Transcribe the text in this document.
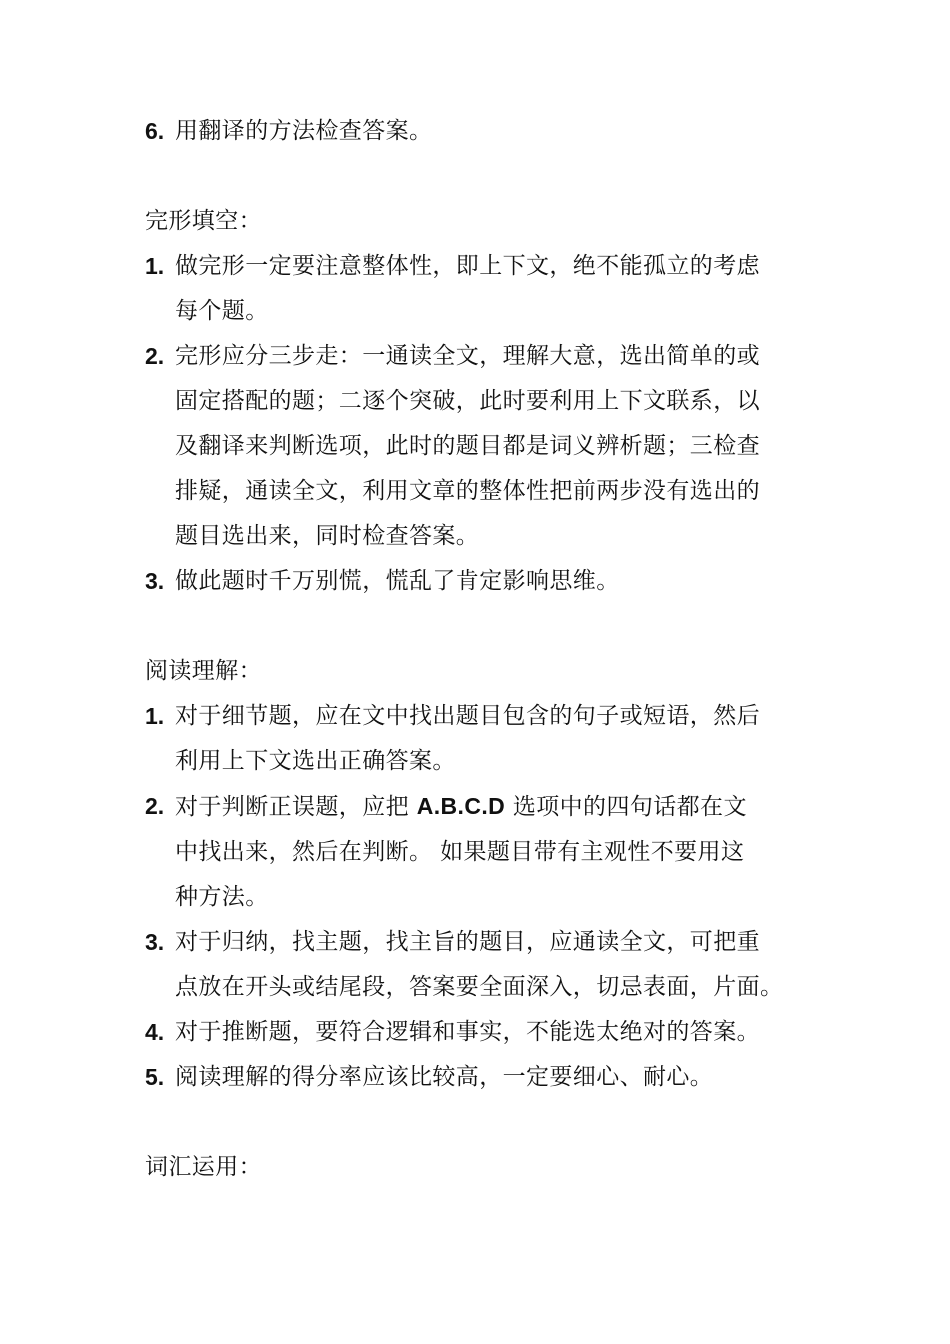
6. 用翻译的方法检查答案。
完形填空：
1. 做完形一定要注意整体性，即上下文，绝不能孤立的考虑
每个题。
2. 完形应分三步走：一通读全文，理解大意，选出简单的或
固定搭配的题；二逐个突破，此时要利用上下文联系，以
及翻译来判断选项，此时的题目都是词义辨析题；三检查
排疑，通读全文，利用文章的整体性把前两步没有选出的
题目选出来，同时检查答案。
3. 做此题时千万别慌，慌乱了肯定影响思维。
阅读理解：
1. 对于细节题，应在文中找出题目包含的句子或短语，然后
利用上下文选出正确答案。
2. 对于判断正误题，应把 A.B.C.D 选项中的四句话都在文
中找出来，然后在判断。 如果题目带有主观性不要用这
种方法。
3. 对于归纳，找主题，找主旨的题目，应通读全文，可把重
点放在开头或结尾段，答案要全面深入，切忌表面，片面。
4. 对于推断题，要符合逻辑和事实，不能选太绝对的答案。
5. 阅读理解的得分率应该比较高，一定要细心、耐心。
词汇运用：
